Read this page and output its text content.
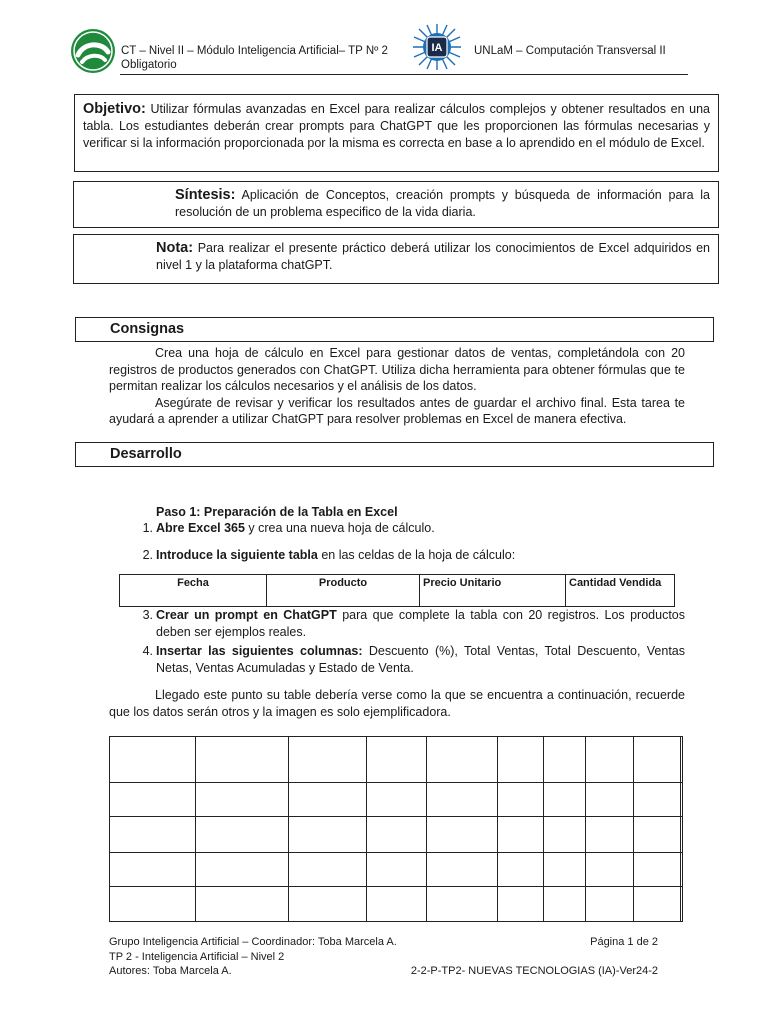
CT – Nivel II – Módulo Inteligencia Artificial– TP Nº 2 Obligatorio
IA	UNLaM – Computación Transversal II
Objetivo: Utilizar fórmulas avanzadas en Excel para realizar cálculos complejos y obtener resultados en una tabla. Los estudiantes deberán crear prompts para ChatGPT que les proporcionen las fórmulas necesarias y verificar si la información proporcionada por la misma es correcta en base a lo aprendido en el módulo de Excel.
Síntesis: Aplicación de Conceptos, creación prompts y búsqueda de información para la resolución de un problema especifico de la vida diaria.
Nota: Para realizar el presente práctico deberá utilizar los conocimientos de Excel adquiridos en nivel 1 y la plataforma chatGPT.
Consignas

Crea una hoja de cálculo en Excel para gestionar datos de ventas, completándola con 20 registros de productos generados con ChatGPT. Utiliza dicha herramienta para obtener fórmulas que te permitan realizar los cálculos necesarios y el análisis de los datos.

Asegúrate de revisar y verificar los resultados antes de guardar el archivo final. Esta tarea te ayudará a aprender a utilizar ChatGPT para resolver problemas en Excel de manera efectiva.

Desarrollo
Paso 1: Preparación de la Tabla en Excel
1. Abre Excel 365 y crea una nueva hoja de cálculo.
2. Introduce la siguiente tabla en las celdas de la hoja de cálculo:
Fecha	Producto	Precio Unitario	Cantidad Vendida
3. Crear un prompt en ChatGPT para que complete la tabla con 20 registros. Los productos deben ser ejemplos reales.
4. Insertar las siguientes columnas: Descuento (%), Total Ventas, Total Descuento, Ventas Netas, Ventas Acumuladas y Estado de Venta.
Llegado este punto su table debería verse como la que se encuentra a continuación, recuerde que los datos serán otros y la imagen es solo ejemplificadora.

Grupo Inteligencia Artificial – Coordinador: Toba Marcela A.	Página 1 de 2
TP 2 - Inteligencia Artificial – Nivel 2
Autores: Toba Marcela A.	2-2-P-TP2- NUEVAS TECNOLOGIAS (IA)-Ver24-2
